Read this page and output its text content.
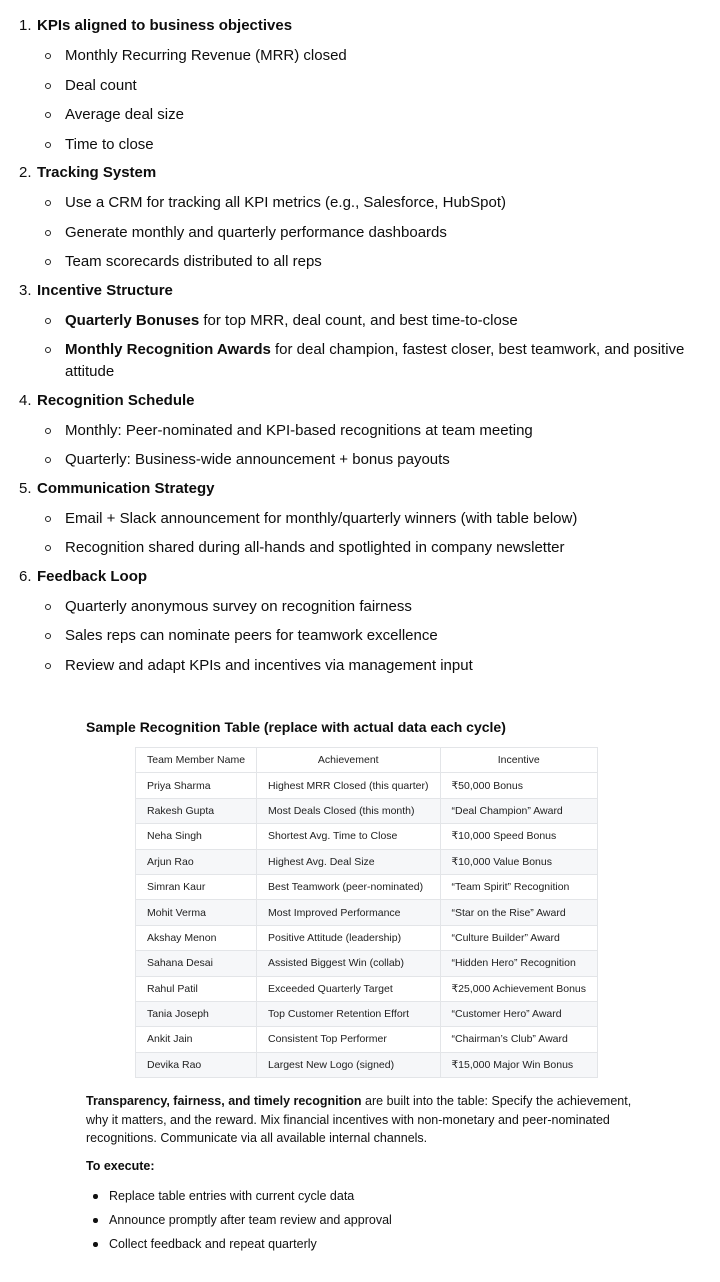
1. KPIs aligned to business objectives
Monthly Recurring Revenue (MRR) closed
Deal count
Average deal size
Time to close
2. Tracking System
Use a CRM for tracking all KPI metrics (e.g., Salesforce, HubSpot)
Generate monthly and quarterly performance dashboards
Team scorecards distributed to all reps
3. Incentive Structure
Quarterly Bonuses for top MRR, deal count, and best time-to-close
Monthly Recognition Awards for deal champion, fastest closer, best teamwork, and positive attitude
4. Recognition Schedule
Monthly: Peer-nominated and KPI-based recognitions at team meeting
Quarterly: Business-wide announcement + bonus payouts
5. Communication Strategy
Email + Slack announcement for monthly/quarterly winners (with table below)
Recognition shared during all-hands and spotlighted in company newsletter
6. Feedback Loop
Quarterly anonymous survey on recognition fairness
Sales reps can nominate peers for teamwork excellence
Review and adapt KPIs and incentives via management input
Sample Recognition Table (replace with actual data each cycle)
Team Member Name	Achievement	Incentive
Priya Sharma	Highest MRR Closed (this quarter)	₹50,000 Bonus
Rakesh Gupta	Most Deals Closed (this month)	“Deal Champion” Award
Neha Singh	Shortest Avg. Time to Close	₹10,000 Speed Bonus
Arjun Rao	Highest Avg. Deal Size	₹10,000 Value Bonus
Simran Kaur	Best Teamwork (peer-nominated)	“Team Spirit” Recognition
Mohit Verma	Most Improved Performance	“Star on the Rise” Award
Akshay Menon	Positive Attitude (leadership)	“Culture Builder” Award
Sahana Desai	Assisted Biggest Win (collab)	“Hidden Hero” Recognition
Rahul Patil	Exceeded Quarterly Target	₹25,000 Achievement Bonus
Tania Joseph	Top Customer Retention Effort	“Customer Hero” Award
Ankit Jain	Consistent Top Performer	“Chairman’s Club” Award
Devika Rao	Largest New Logo (signed)	₹15,000 Major Win Bonus

Transparency, fairness, and timely recognition are built into the table: Specify the achievement, why it matters, and the reward. Mix financial incentives with non-monetary and peer-nominated recognitions. Communicate via all available internal channels.

To execute:
Replace table entries with current cycle data
Announce promptly after team review and approval
Collect feedback and repeat quarterly
